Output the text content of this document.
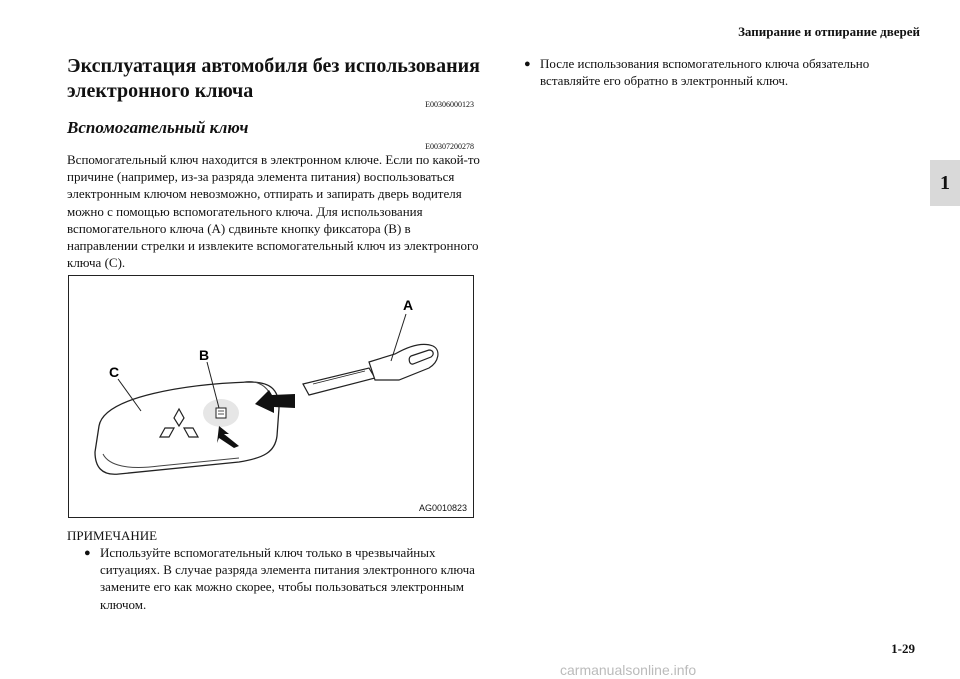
Запирание и отпирание дверей
1
Эксплуатация автомобиля без использования электронного ключа
E00306000123
Вспомогательный ключ
E00307200278
Вспомогательный ключ находится в электронном ключе. Если по какой-то причине (например, из-за разряда элемента питания) воспользоваться электронным ключом невозможно, отпирать и запирать дверь водителя можно с помощью вспомогательного ключа. Для использования вспомогательного ключа (A) сдвиньте кнопку фиксатора (B) в направлении стрелки и извлеките вспомогательный ключ из электронного ключа (C).
A
B
C
AG0010823
ПРИМЕЧАНИЕ
● Используйте вспомогательный ключ только в чрезвычайных ситуациях. В случае разряда элемента питания электронного ключа замените его как можно скорее, чтобы пользоваться электронным ключом.
● После использования вспомогательного ключа обязательно вставляйте его обратно в электронный ключ.
1-29
carmanualsonline.info
